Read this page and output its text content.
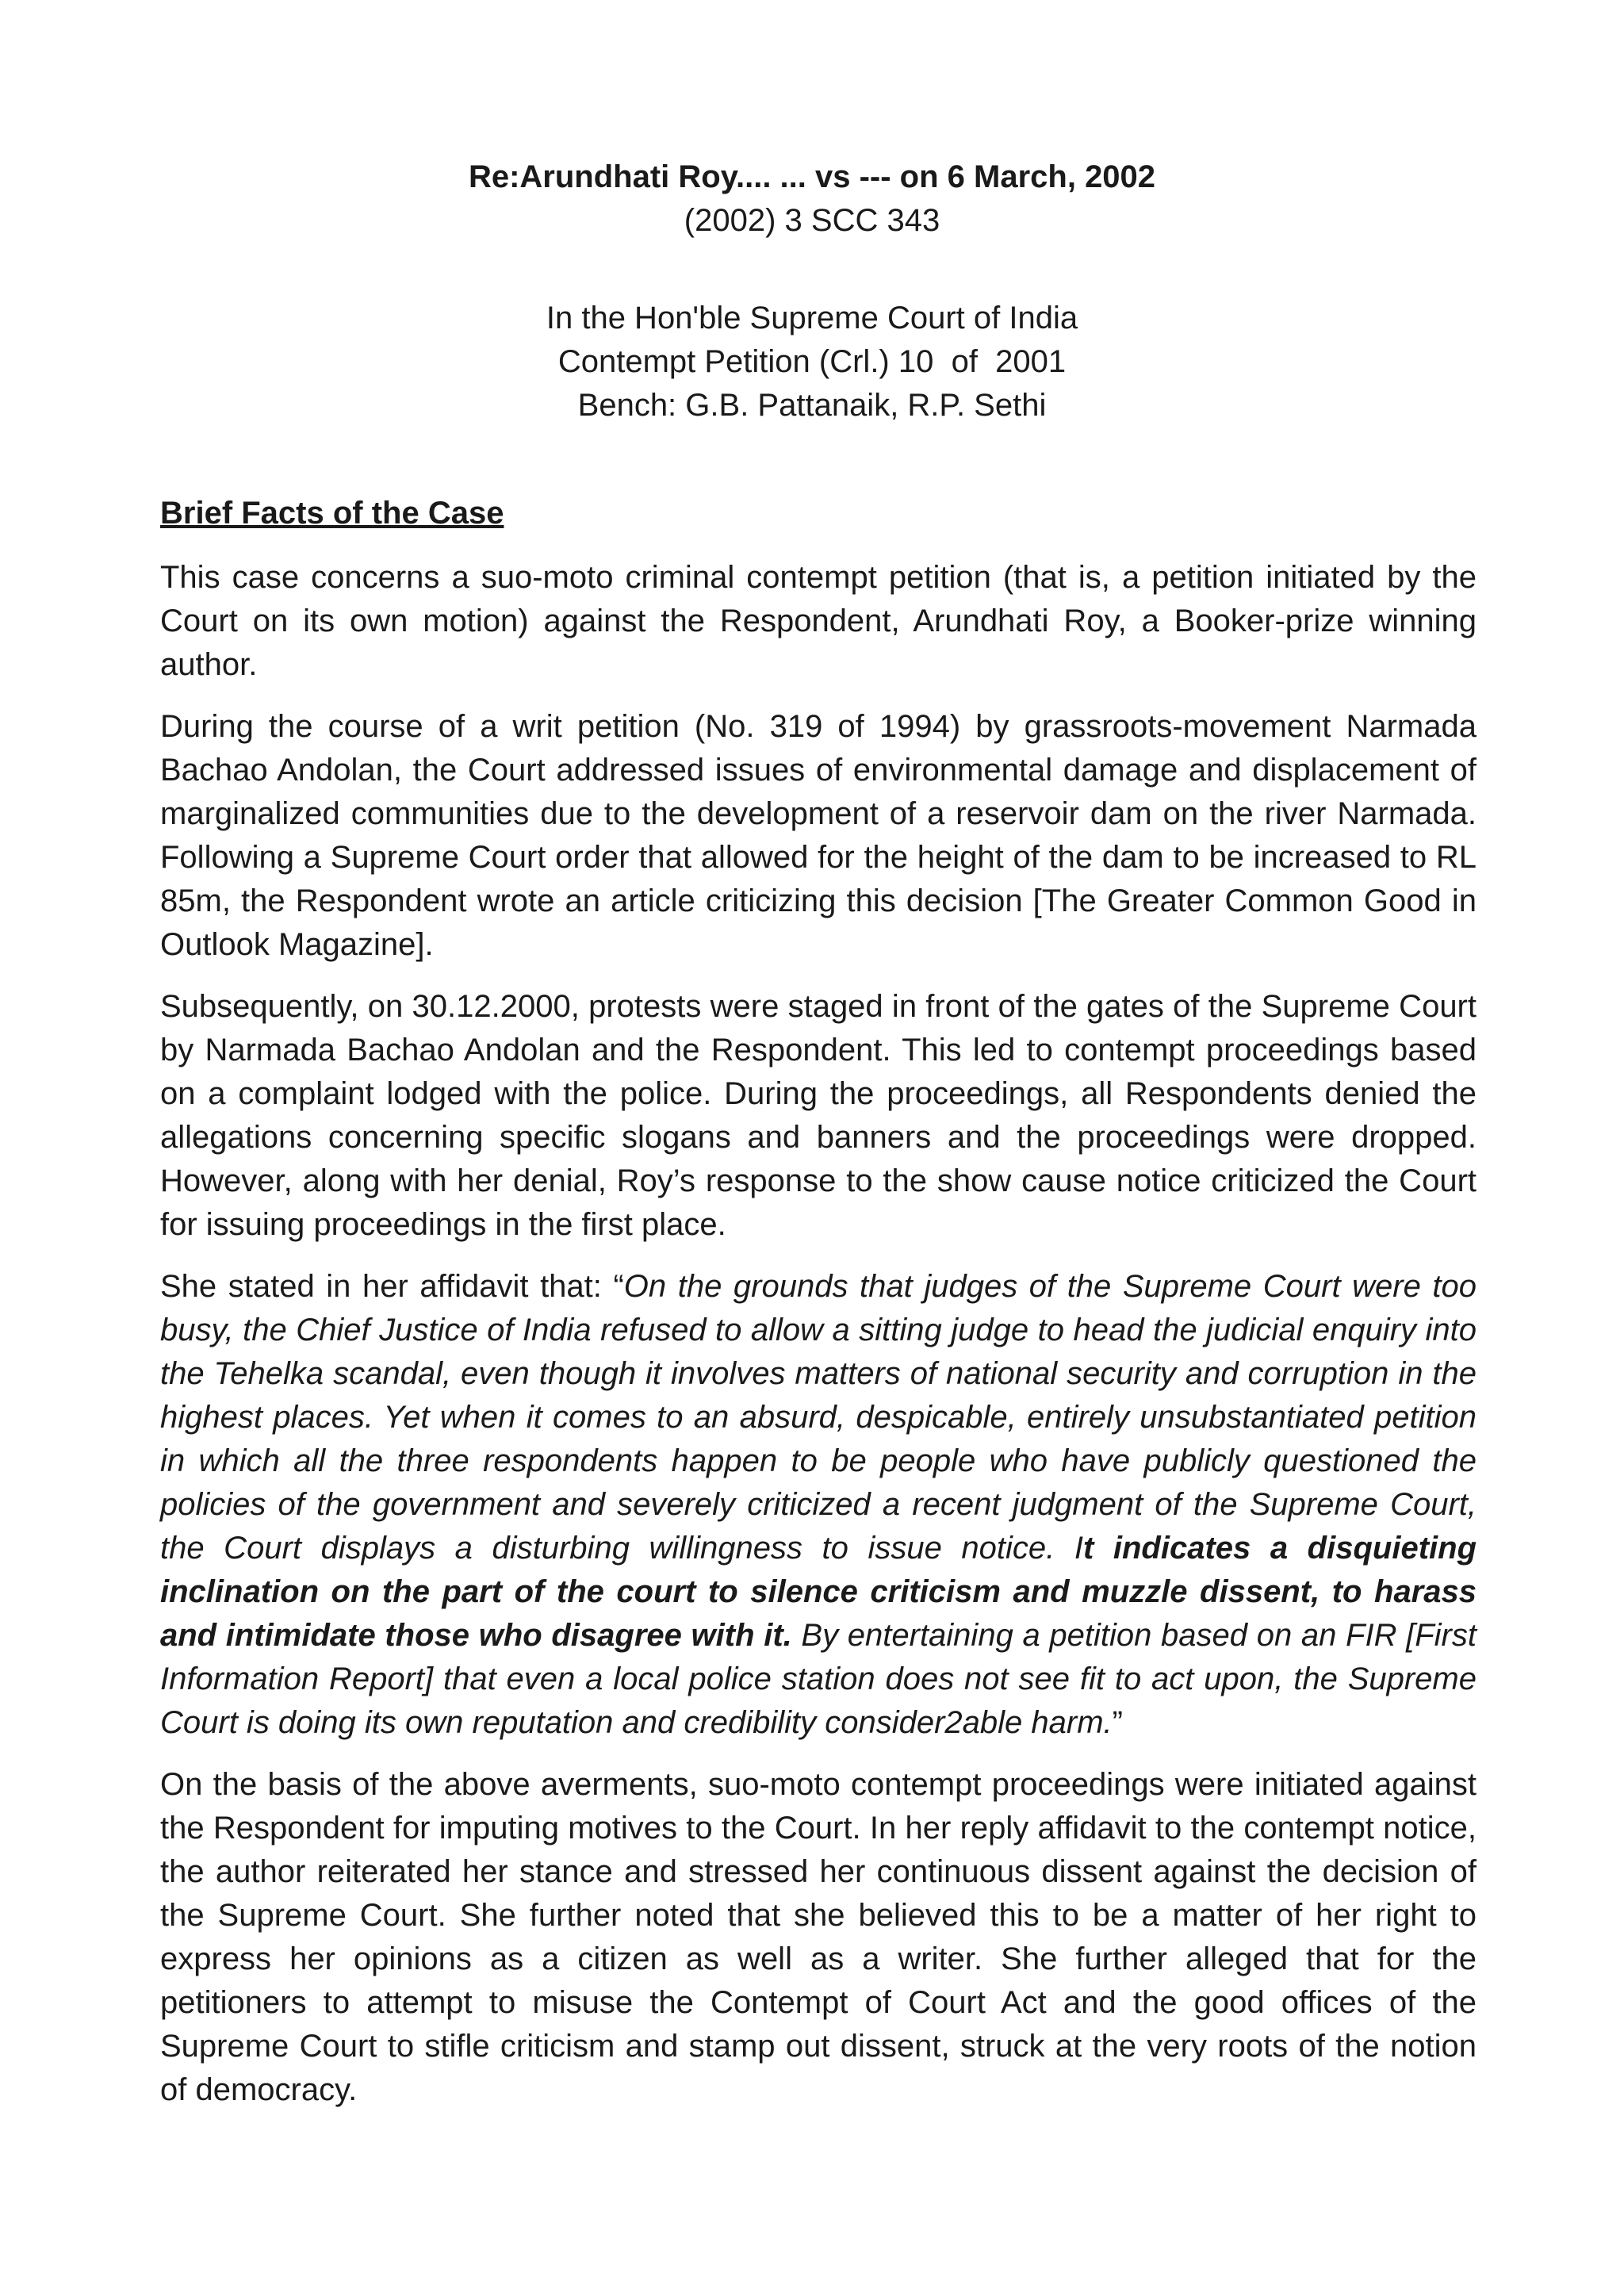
Re:Arundhati Roy.... ... vs --- on 6 March, 2002
(2002) 3 SCC 343
In the Hon'ble Supreme Court of India
Contempt Petition (Crl.) 10  of  2001
Bench: G.B. Pattanaik, R.P. Sethi
Brief Facts of the Case

This case concerns a suo-moto criminal contempt petition (that is, a petition initiated by the Court on its own motion) against the Respondent, Arundhati Roy, a Booker-prize winning author.

During the course of a writ petition (No. 319 of 1994) by grassroots-movement Narmada Bachao Andolan, the Court addressed issues of environmental damage and displacement of marginalized communities due to the development of a reservoir dam on the river Narmada. Following a Supreme Court order that allowed for the height of the dam to be increased to RL 85m, the Respondent wrote an article criticizing this decision [The Greater Common Good in Outlook Magazine].

Subsequently, on 30.12.2000, protests were staged in front of the gates of the Supreme Court by Narmada Bachao Andolan and the Respondent. This led to contempt proceedings based on a complaint lodged with the police. During the proceedings, all Respondents denied the allegations concerning specific slogans and banners and the proceedings were dropped. However, along with her denial, Roy’s response to the show cause notice criticized the Court for issuing proceedings in the first place.

She stated in her affidavit that: “On the grounds that judges of the Supreme Court were too busy, the Chief Justice of India refused to allow a sitting judge to head the judicial enquiry into the Tehelka scandal, even though it involves matters of national security and corruption in the highest places. Yet when it comes to an absurd, despicable, entirely unsubstantiated petition in which all the three respondents happen to be people who have publicly questioned the policies of the government and severely criticized a recent judgment of the Supreme Court, the Court displays a disturbing willingness to issue notice. It indicates a disquieting inclination on the part of the court to silence criticism and muzzle dissent, to harass and intimidate those who disagree with it. By entertaining a petition based on an FIR [First Information Report] that even a local police station does not see fit to act upon, the Supreme Court is doing its own reputation and credibility consider2able harm.”

On the basis of the above averments, suo-moto contempt proceedings were initiated against the Respondent for imputing motives to the Court. In her reply affidavit to the contempt notice, the author reiterated her stance and stressed her continuous dissent against the decision of the Supreme Court. She further noted that she believed this to be a matter of her right to express her opinions as a citizen as well as a writer. She further alleged that for the petitioners to attempt to misuse the Contempt of Court Act and the good offices of the Supreme Court to stifle criticism and stamp out dissent, struck at the very roots of the notion of democracy.
